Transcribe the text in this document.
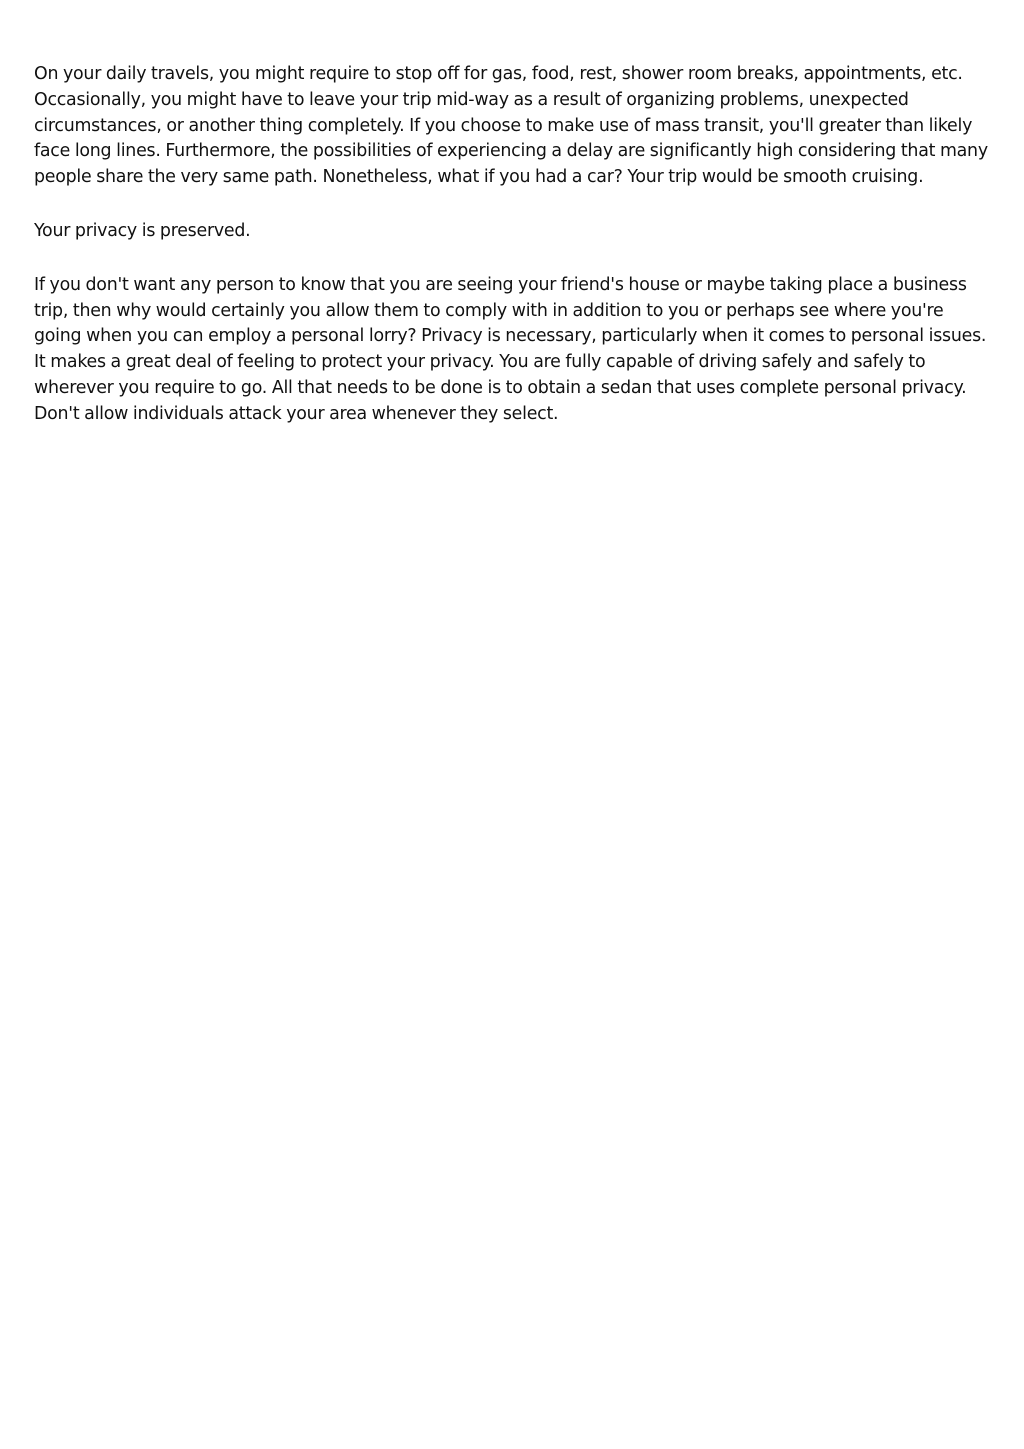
On your daily travels, you might require to stop off for gas, food, rest, shower room breaks, appointments, etc. Occasionally, you might have to leave your trip mid-way as a result of organizing problems, unexpected circumstances, or another thing completely. If you choose to make use of mass transit, you'll greater than likely face long lines. Furthermore, the possibilities of experiencing a delay are significantly high considering that many people share the very same path. Nonetheless, what if you had a car? Your trip would be smooth cruising.

Your privacy is preserved.

If you don't want any person to know that you are seeing your friend's house or maybe taking place a business trip, then why would certainly you allow them to comply with in addition to you or perhaps see where you're going when you can employ a personal lorry? Privacy is necessary, particularly when it comes to personal issues. It makes a great deal of feeling to protect your privacy. You are fully capable of driving safely and safely to wherever you require to go. All that needs to be done is to obtain a sedan that uses complete personal privacy. Don't allow individuals attack your area whenever they select.
